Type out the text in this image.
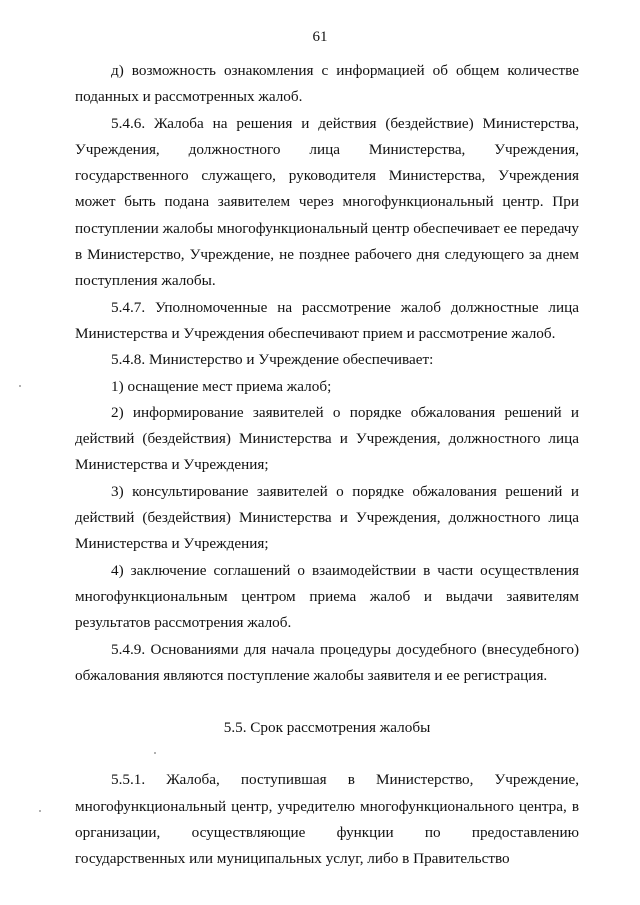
61

д) возможность ознакомления с информацией об общем количестве поданных и рассмотренных жалоб.

5.4.6. Жалоба на решения и действия (бездействие) Министерства, Учреждения, должностного лица Министерства, Учреждения, государственного служащего, руководителя Министерства, Учреждения может быть подана заявителем через многофункциональный центр. При поступлении жалобы многофункциональный центр обеспечивает ее передачу в Министерство, Учреждение, не позднее рабочего дня следующего за днем поступления жалобы.

5.4.7. Уполномоченные на рассмотрение жалоб должностные лица Министерства и Учреждения обеспечивают прием и рассмотрение жалоб.

5.4.8. Министерство и Учреждение обеспечивает:

1) оснащение мест приема жалоб;

2) информирование заявителей о порядке обжалования решений и действий (бездействия) Министерства и Учреждения, должностного лица Министерства и Учреждения;

3) консультирование заявителей о порядке обжалования решений и действий (бездействия) Министерства и Учреждения, должностного лица Министерства и Учреждения;

4) заключение соглашений о взаимодействии в части осуществления многофункциональным центром приема жалоб и выдачи заявителям результатов рассмотрения жалоб.

5.4.9. Основаниями для начала процедуры досудебного (внесудебного) обжалования являются поступление жалобы заявителя и ее регистрация.

5.5. Срок рассмотрения жалобы

5.5.1. Жалоба, поступившая в Министерство, Учреждение, многофункциональный центр, учредителю многофункционального центра, в организации, осуществляющие функции по предоставлению государственных или муниципальных услуг, либо в Правительство
